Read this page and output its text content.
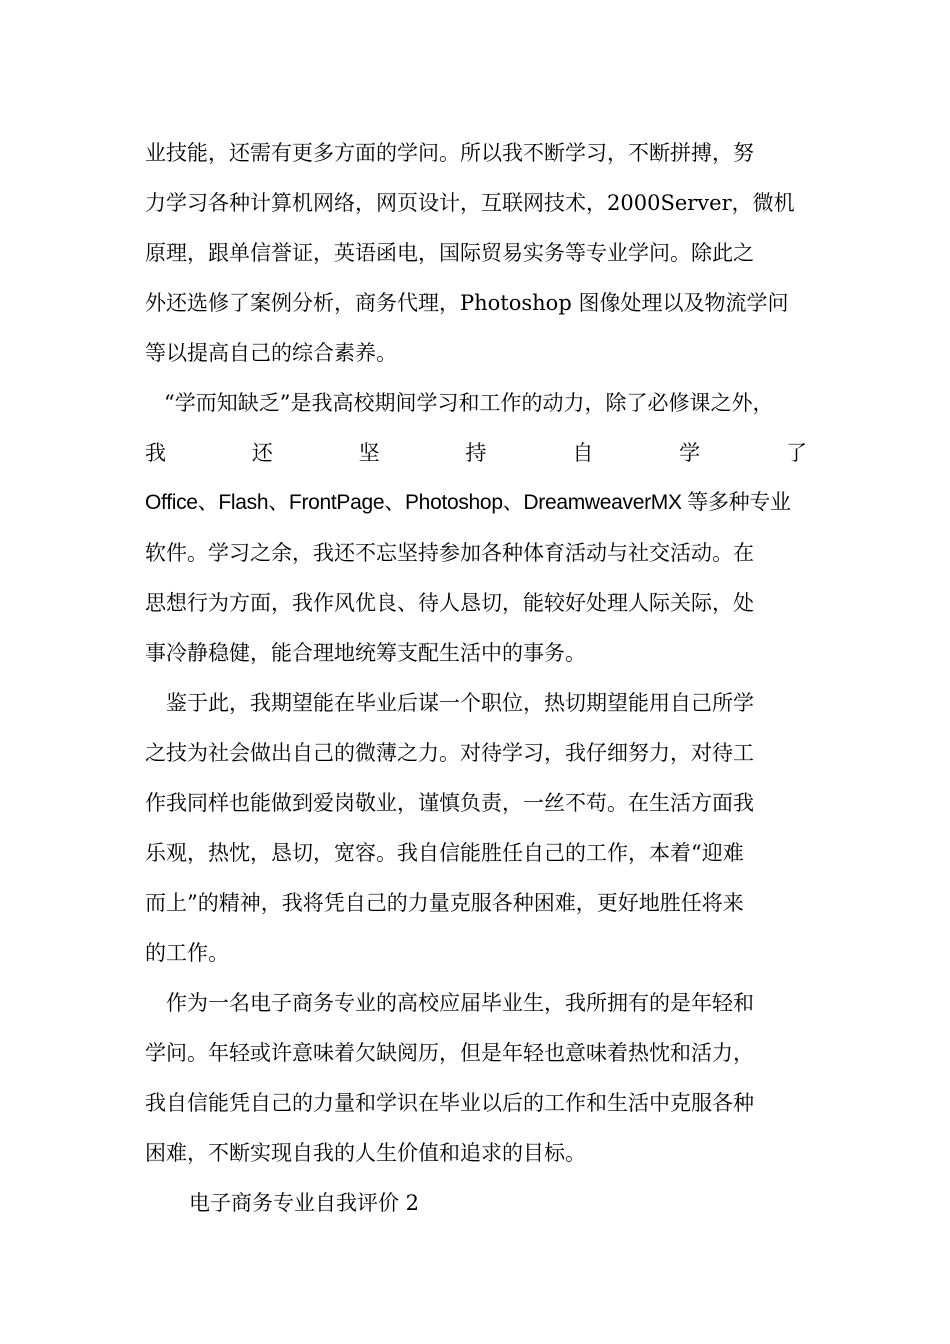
业技能，还需有更多方面的学问。所以我不断学习，不断拼搏，努
力学习各种计算机网络，网页设计，互联网技术，2000Server，微机
原理，跟单信誉证，英语函电，国际贸易实务等专业学问。除此之
外还选修了案例分析，商务代理，Photoshop 图像处理以及物流学问
等以提高自己的综合素养。
“学而知缺乏”是我高校期间学习和工作的动力，除了必修课之外，
我	还	坚	持	自	学	了
Office、Flash、FrontPage、Photoshop、DreamweaverMX 等多种专业
软件。学习之余，我还不忘坚持参加各种体育活动与社交活动。在
思想行为方面，我作风优良、待人恳切，能较好处理人际关际，处
事冷静稳健，能合理地统筹支配生活中的事务。
鉴于此，我期望能在毕业后谋一个职位，热切期望能用自己所学
之技为社会做出自己的微薄之力。对待学习，我仔细努力，对待工
作我同样也能做到爱岗敬业，谨慎负责，一丝不苟。在生活方面我
乐观，热忱，恳切，宽容。我自信能胜任自己的工作，本着“迎难
而上”的精神，我将凭自己的力量克服各种困难，更好地胜任将来
的工作。
作为一名电子商务专业的高校应届毕业生，我所拥有的是年轻和
学问。年轻或许意味着欠缺阅历，但是年轻也意味着热忱和活力，
我自信能凭自己的力量和学识在毕业以后的工作和生活中克服各种
困难，不断实现自我的人生价值和追求的目标。
电子商务专业自我评价 2
